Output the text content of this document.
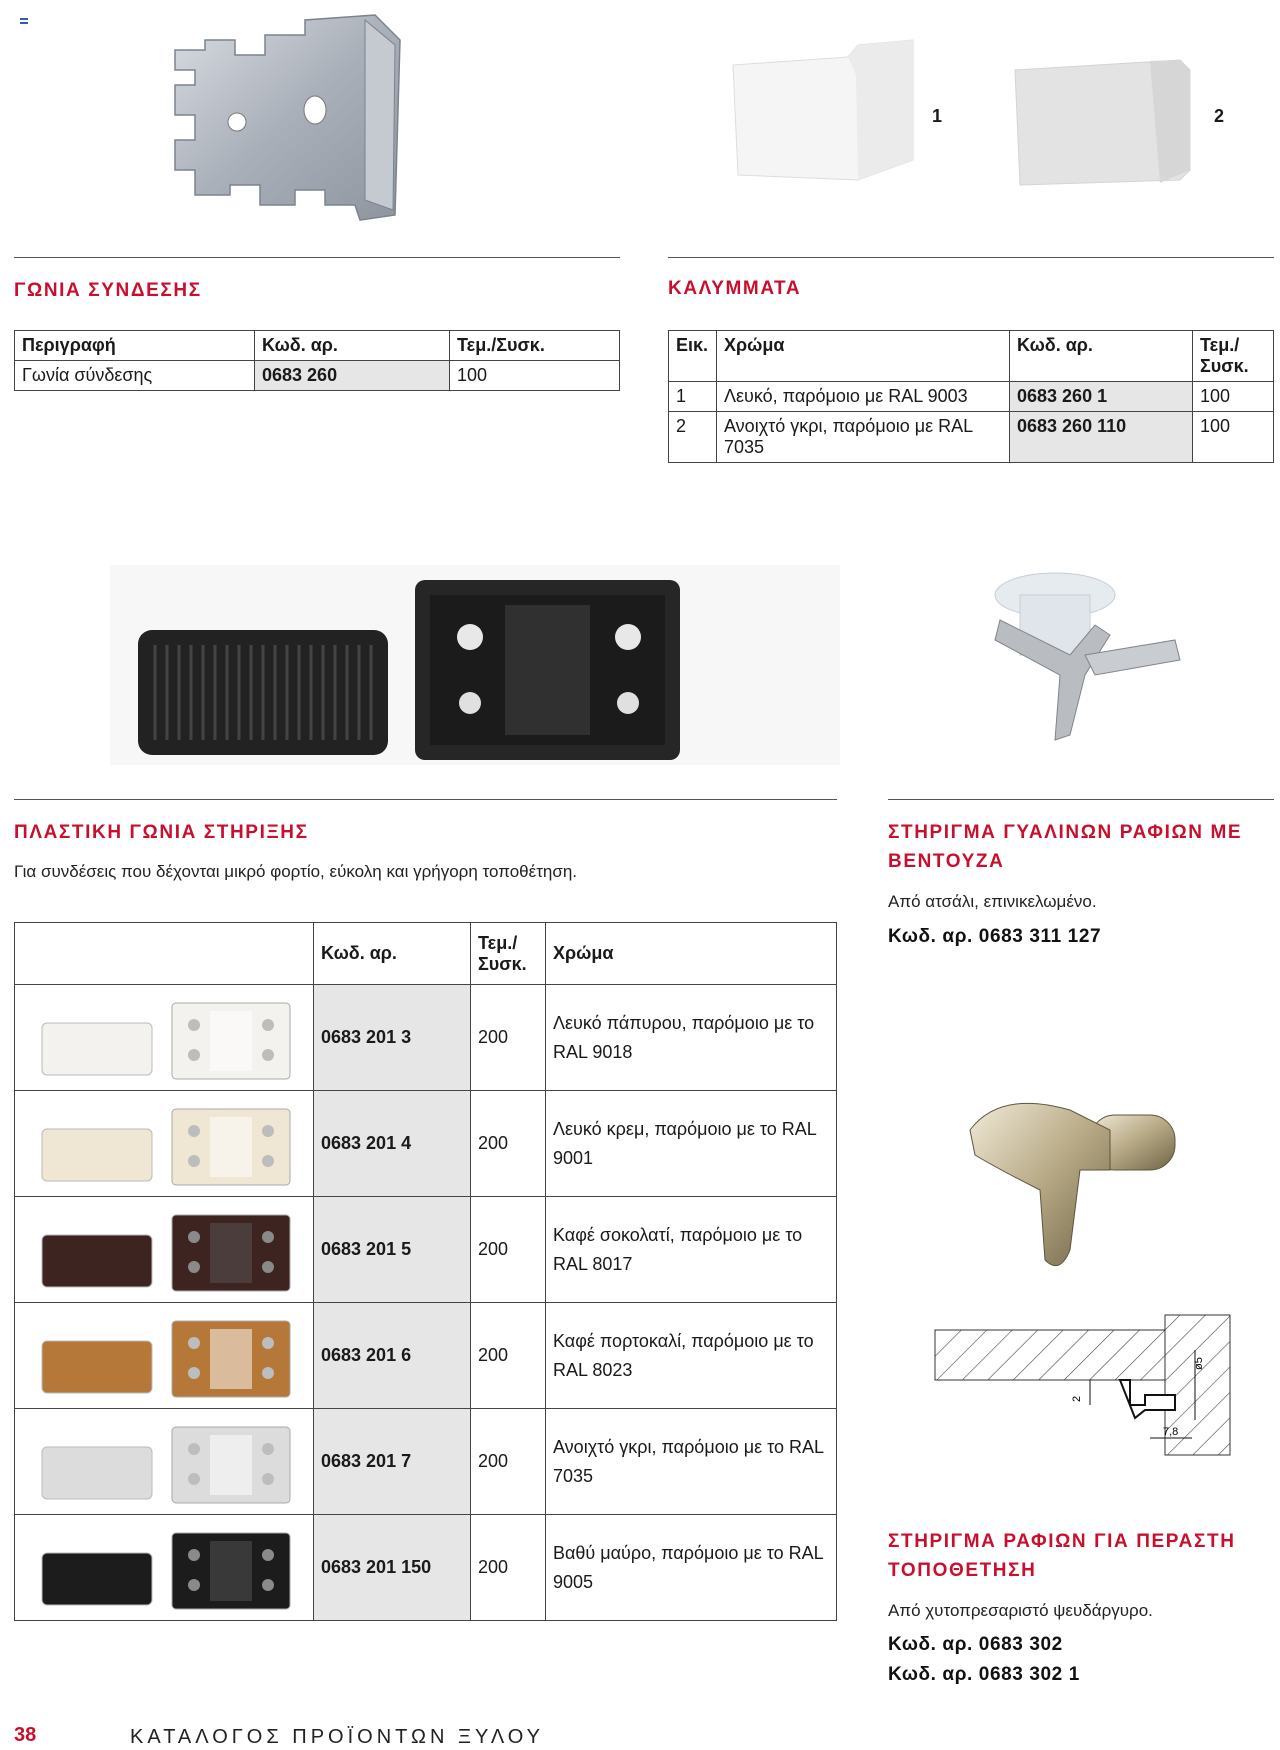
1	2
ΓΩΝΙΑ ΣΥΝΔΕΣΗΣ
Περιγραφή	Κωδ. αρ.	Τεμ./Συσκ.
Γωνία σύνδεσης	0683 260	100
ΚΑΛΥΜΜΑΤΑ
Εικ.	Χρώμα	Κωδ. αρ.	Τεμ./ Συσκ.
1	Λευκό, παρόμοιο με RAL 9003	0683 260 1	100
2	Ανοιχτό γκρι, παρόμοιο με RAL 7035	0683 260 110	100
ΠΛΑΣΤΙΚΗ ΓΩΝΙΑ ΣΤΗΡΙΞΗΣ
Για συνδέσεις που δέχονται μικρό φορτίο, εύκολη και γρήγορη τοποθέτηση.
	Κωδ. αρ.	Τεμ./ Συσκ.	Χρώμα
	0683 201 3	200	Λευκό πάπυρου, παρόμοιο με το RAL 9018

	0683 201 4	200	Λευκό κρεμ, παρόμοιο με το RAL 9001

	0683 201 5	200	Καφέ σοκολατί, παρόμοιο με το RAL 8017

	0683 201 6	200	Καφέ πορτοκαλί, παρόμοιο με το RAL 8023

	0683 201 7	200	Ανοιχτό γκρι, παρόμοιο με το RAL 7035

	0683 201 150	200	Βαθύ μαύρο, παρόμοιο με το RAL 9005
ΣΤΗΡΙΓΜΑ ΓΥΑΛΙΝΩΝ ΡΑΦΙΩΝ ΜΕ ΒΕΝΤΟΥΖΑ
Από ατσάλι, επινικελωμένο.
Κωδ. αρ. 0683 311 127
ø5
2
7,8
ΣΤΗΡΙΓΜΑ ΡΑΦΙΩΝ ΓΙΑ ΠΕΡΑΣΤΗ ΤΟΠΟΘΕΤΗΣΗ
Από χυτοπρεσαριστό ψευδάργυρο.
Κωδ. αρ. 0683 302
Κωδ. αρ. 0683 302 1
38	ΚΑΤΑΛΟΓΟΣ ΠΡΟΪΟΝΤΩΝ ΞΥΛΟΥ
